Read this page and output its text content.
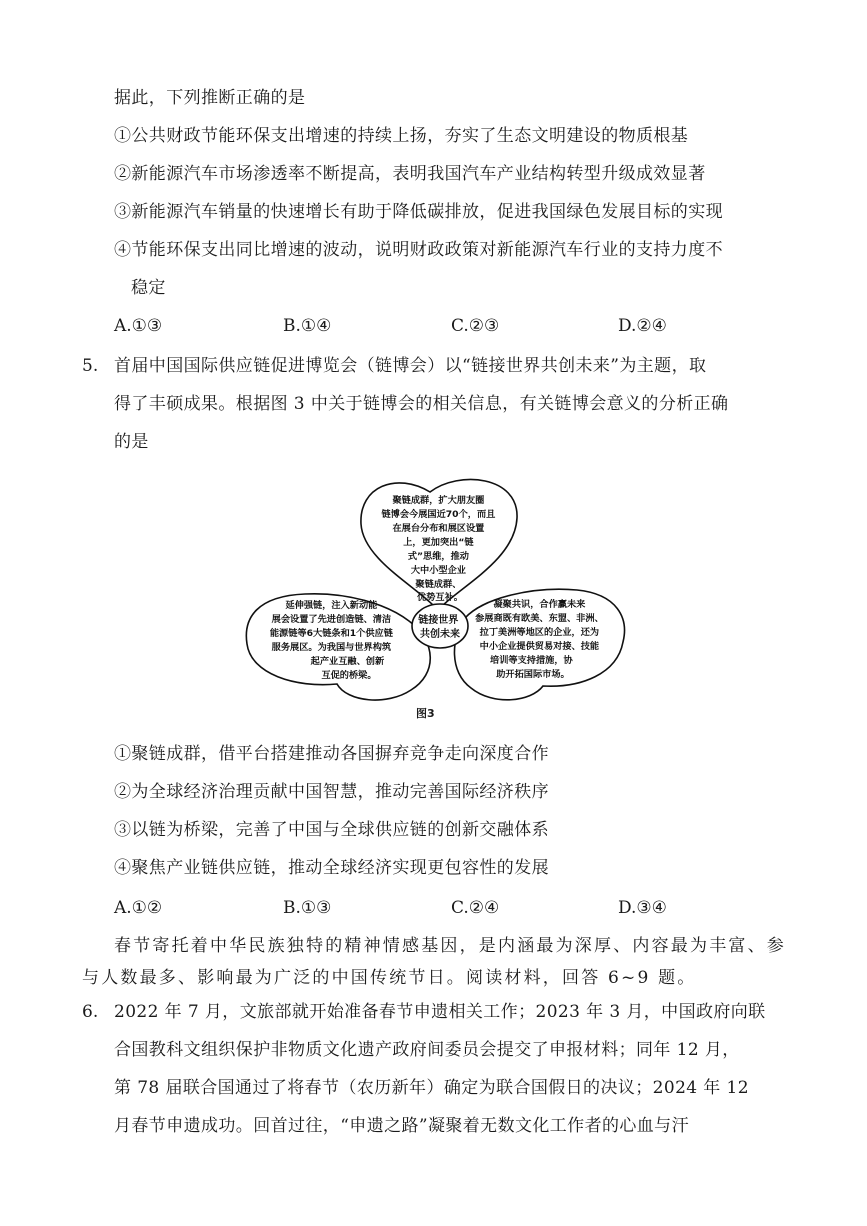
据此，下列推断正确的是
①公共财政节能环保支出增速的持续上扬，夯实了生态文明建设的物质根基
②新能源汽车市场渗透率不断提高，表明我国汽车产业结构转型升级成效显著
③新能源汽车销量的快速增长有助于降低碳排放，促进我国绿色发展目标的实现
④节能环保支出同比增速的波动，说明财政政策对新能源汽车行业的支持力度不
稳定
A.①③	B.①④	C.②③	D.②④
5. 首届中国国际供应链促进博览会（链博会）以“链接世界共创未来”为主题，取
得了丰硕成果。根据图 3 中关于链博会的相关信息，有关链博会意义的分析正确
的是
聚链成群，扩大朋友圈 链博会今展国近70个，而且 在展台分布和展区设置 上，更加突出“链 式”思维，推动 大中小型企业 聚链成群、 优势互补。
延伸强链，注入新动能 展会设置了先进创造链、清洁 能源链等6大链条和1个供应链 服务展区。为我国与世界构筑 起产业互融、创新 互促的桥梁。
凝聚共识，合作赢未来 参展商既有欧美、东盟、非洲、 拉丁美洲等地区的企业，还为 中小企业提供贸易对接、技能 培训等支持措施，协 助开拓国际市场。
链接世界 共创未来
图3
①聚链成群，借平台搭建推动各国摒弃竞争走向深度合作
②为全球经济治理贡献中国智慧，推动完善国际经济秩序
③以链为桥梁，完善了中国与全球供应链的创新交融体系
④聚焦产业链供应链，推动全球经济实现更包容性的发展
A.①②	B.①③	C.②④	D.③④
春节寄托着中华民族独特的精神情感基因，是内涵最为深厚、内容最为丰富、参
与人数最多、影响最为广泛的中国传统节日。阅读材料，回答 6~9 题。
6. 2022 年 7 月，文旅部就开始准备春节申遗相关工作；2023 年 3 月，中国政府向联
合国教科文组织保护非物质文化遗产政府间委员会提交了申报材料；同年 12 月，
第 78 届联合国通过了将春节（农历新年）确定为联合国假日的决议；2024 年 12
月春节申遗成功。回首过往，“申遗之路”凝聚着无数文化工作者的心血与汗
